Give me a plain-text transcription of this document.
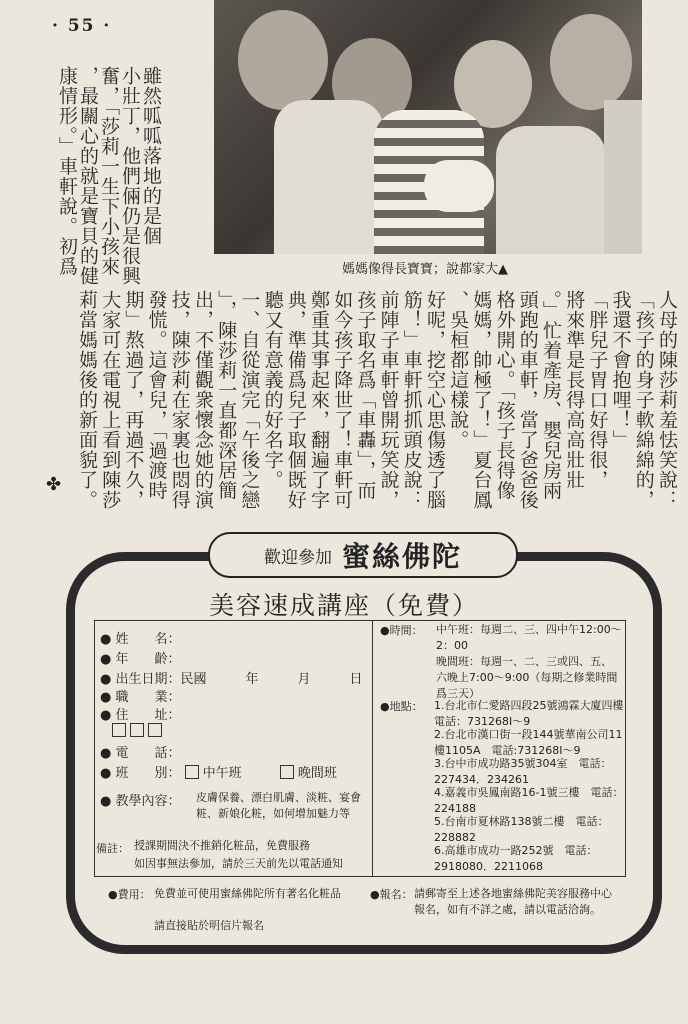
· 55 ·
媽媽像得長寶寶；說都家大▲
雖然呱呱落地的是個
小壯丁，他們倆仍是很興
奮，「莎莉一生下小孩來
，最關心的就是寶貝的健
康情形。」車軒說。初爲
人母的陳莎莉羞怯笑說：
「孩子的身子軟綿綿的，
我還不會抱哩！」
「胖兒子胃口好得很，
將來準是長得高高壯壯
。」忙着產房、嬰兒房兩
頭跑的車軒，當了爸爸後
格外開心。「孩子長得像
媽媽，帥極了！」夏台鳳
、吳桓都這樣說。
好呢，挖空心思傷透了腦
筋！」車軒抓抓頭皮說：
前陣子車軒曾開玩笑說，
孩子取名爲「車轟」，而
如今孩子降世了！車軒可
鄭重其事起來，翻遍了字
典，準備爲兒子取個既好
聽又有意義的好名字。
一、自從演完「午後之戀
」，陳莎莉一直都深居簡
出，不僅觀衆懷念她的演
技，陳莎莉在家裏也悶得
發慌。這會兒，「過渡時
期」熬過了，再過不久，
大家可在電視上看到陳莎
莉當媽媽後的新面貌了。
✤
歡迎參加 蜜絲佛陀
美容速成講座（免費）
● 姓　　名：
● 年　　齡：
● 出生日期：民國　　　年　　　月　　　日
● 職　　業：
● 住　　址：
● 電　　話：
● 班　　別： 中午班	晚間班
● 教學內容： 皮膚保養、漂白肌膚、淡粧、宴會粧、新娘化粧，如何增加魅力等
備註： 授課期間決不推銷化粧品，免費服務
如因事無法參加，請於三天前先以電話通知
●時間： 中午班：每週二、三、四中午12:00～2：00
晚間班：每週一、二、三或四、五、六晚上7:00～9:00（每期之修業時間爲三天）
●地點： 1.台北市仁愛路四段25號鴻霖大廈四樓　電話：731268I～9
2.台北市漢口街一段144號華南公司11樓1105A　電話:731268I～9
3.台中市成功路35號304室　電話：227434．234261
4.嘉義市吳鳳南路16-1號三樓　電話：224188
5.台南市夏林路138號二樓　電話：228882
6.高雄市成功一路252號　電話：2918080．2211068
●費用： 免費並可使用蜜絲佛陀所有著名化粧品
請直接貼於明信片報名
●報名： 請郵寄至上述各地蜜絲佛陀美容服務中心報名，如有不詳之處，請以電話洽詢。
